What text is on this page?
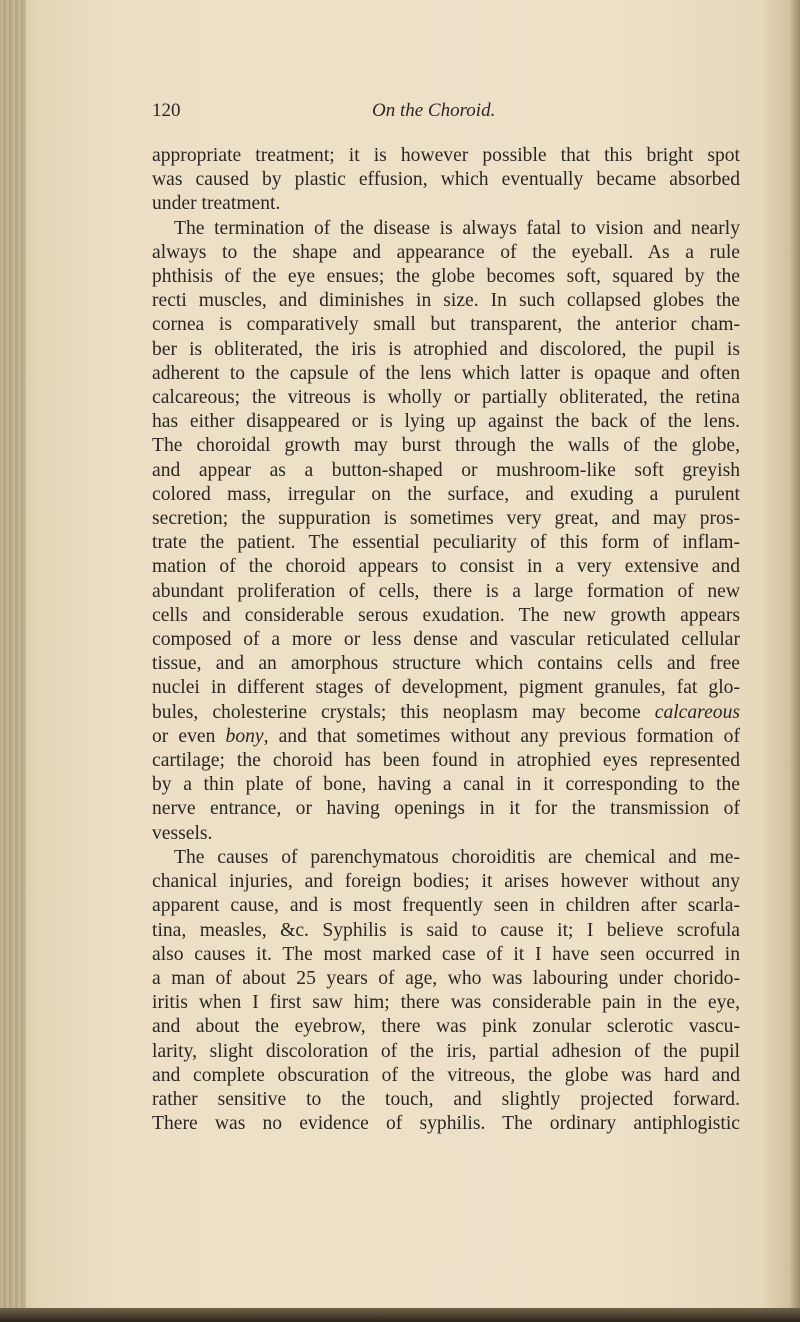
120	On the Choroid.

appropriate treatment; it is however possible that this bright spot
was caused by plastic effusion, which eventually became absorbed
under treatment.

The termination of the disease is always fatal to vision and nearly
always to the shape and appearance of the eyeball. As a rule
phthisis of the eye ensues; the globe becomes soft, squared by the
recti muscles, and diminishes in size. In such collapsed globes the
cornea is comparatively small but transparent, the anterior cham-
ber is obliterated, the iris is atrophied and discolored, the pupil is
adherent to the capsule of the lens which latter is opaque and often
calcareous; the vitreous is wholly or partially obliterated, the retina
has either disappeared or is lying up against the back of the lens.
The choroidal growth may burst through the walls of the globe,
and appear as a button-shaped or mushroom-like soft greyish
colored mass, irregular on the surface, and exuding a purulent
secretion; the suppuration is sometimes very great, and may pros-
trate the patient. The essential peculiarity of this form of inflam-
mation of the choroid appears to consist in a very extensive and
abundant proliferation of cells, there is a large formation of new
cells and considerable serous exudation. The new growth appears
composed of a more or less dense and vascular reticulated cellular
tissue, and an amorphous structure which contains cells and free
nuclei in different stages of development, pigment granules, fat glo-
bules, cholesterine crystals; this neoplasm may become calcareous
or even bony, and that sometimes without any previous formation of
cartilage; the choroid has been found in atrophied eyes represented
by a thin plate of bone, having a canal in it corresponding to the
nerve entrance, or having openings in it for the transmission of
vessels.

The causes of parenchymatous choroiditis are chemical and me-
chanical injuries, and foreign bodies; it arises however without any
apparent cause, and is most frequently seen in children after scarla-
tina, measles, &c. Syphilis is said to cause it; I believe scrofula
also causes it. The most marked case of it I have seen occurred in
a man of about 25 years of age, who was labouring under chorido-
iritis when I first saw him; there was considerable pain in the eye,
and about the eyebrow, there was pink zonular sclerotic vascu-
larity, slight discoloration of the iris, partial adhesion of the pupil
and complete obscuration of the vitreous, the globe was hard and
rather sensitive to the touch, and slightly projected forward.
There was no evidence of syphilis. The ordinary antiphlogistic
